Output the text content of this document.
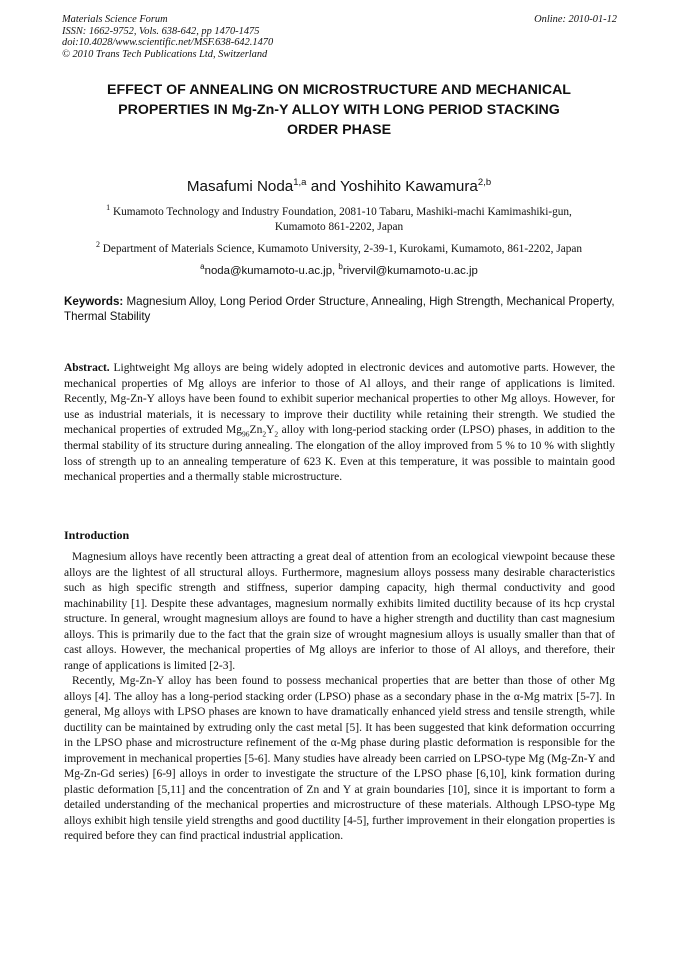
Materials Science Forum
ISSN: 1662-9752, Vols. 638-642, pp 1470-1475
doi:10.4028/www.scientific.net/MSF.638-642.1470
© 2010 Trans Tech Publications Ltd, Switzerland
Online: 2010-01-12
EFFECT OF ANNEALING ON MICROSTRUCTURE AND MECHANICAL
PROPERTIES IN Mg-Zn-Y ALLOY WITH LONG PERIOD STACKING
ORDER PHASE
Masafumi Noda$^{1,a}$ and Yoshihito Kawamura$^{2,b}$
$^1$ Kumamoto Technology and Industry Foundation, 2081-10 Tabaru, Mashiki-machi Kamimashiki-gun,
Kumamoto 861-2202, Japan
$^2$ Department of Materials Science, Kumamoto University, 2-39-1, Kurokami, Kumamoto, 861-2202, Japan
$^a$noda@kumamoto-u.ac.jp, $^b$rivervil@kumamoto-u.ac.jp
Keywords: Magnesium Alloy, Long Period Order Structure, Annealing, High Strength, Mechanical Property, Thermal Stability
Abstract. Lightweight Mg alloys are being widely adopted in electronic devices and automotive parts. However, the mechanical properties of Mg alloys are inferior to those of Al alloys, and their range of applications is limited. Recently, Mg-Zn-Y alloys have been found to exhibit superior mechanical properties to other Mg alloys. However, for use as industrial materials, it is necessary to improve their ductility while retaining their strength. We studied the mechanical properties of extruded $Mg_{96}Zn_2Y_2$ alloy with long-period stacking order (LPSO) phases, in addition to the thermal stability of its structure during annealing. The elongation of the alloy improved from 5 % to 10 % with slightly loss of strength up to an annealing temperature of 623 K. Even at this temperature, it was possible to maintain good mechanical properties and a thermally stable microstructure.
Introduction

Magnesium alloys have recently been attracting a great deal of attention from an ecological viewpoint because these alloys are the lightest of all structural alloys. Furthermore, magnesium alloys possess many desirable characteristics such as high specific strength and stiffness, superior damping capacity, high thermal conductivity and good machinability [1]. Despite these advantages, magnesium normally exhibits limited ductility because of its hcp crystal structure. In general, wrought magnesium alloys are found to have a higher strength and ductility than cast magnesium alloys. This is primarily due to the fact that the grain size of wrought magnesium alloys is usually smaller than that of cast alloys. However, the mechanical properties of Mg alloys are inferior to those of Al alloys, and therefore, their range of applications is limited [2-3].

Recently, Mg-Zn-Y alloy has been found to possess mechanical properties that are better than those of other Mg alloys [4]. The alloy has a long-period stacking order (LPSO) phase as a secondary phase in the α-Mg matrix [5-7]. In general, Mg alloys with LPSO phases are known to have dramatically enhanced yield stress and tensile strength, while ductility can be maintained by extruding only the cast metal [5]. It has been suggested that kink deformation occurring in the LPSO phase and microstructure refinement of the α-Mg phase during plastic deformation is responsible for the improvement in mechanical properties [5-6]. Many studies have already been carried on LPSO-type Mg (Mg-Zn-Y and Mg-Zn-Gd series) [6-9] alloys in order to investigate the structure of the LPSO phase [6,10], kink formation during plastic deformation [5,11] and the concentration of Zn and Y at grain boundaries [10], since it is important to form a detailed understanding of the mechanical properties and microstructure of these materials. Although LPSO-type Mg alloys exhibit high tensile yield strengths and good ductility [4-5], further improvement in their elongation properties is required before they can find practical industrial application.
